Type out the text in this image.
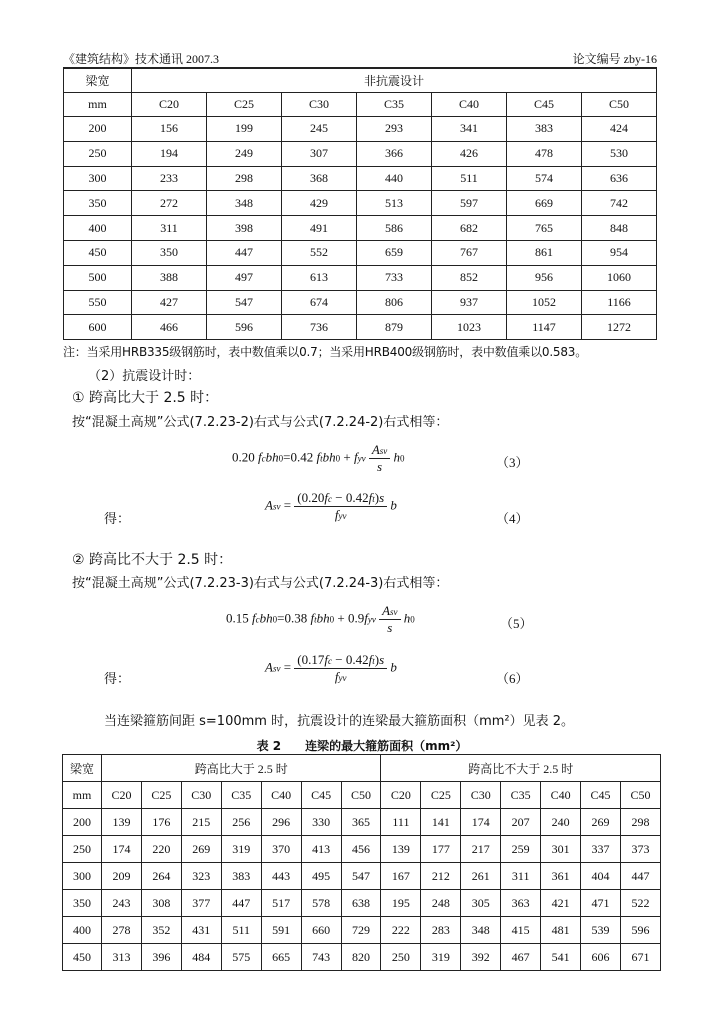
《建筑结构》技术通讯 2007.3	论文编号 zby-16
梁宽	非抗震设计						
mm	C20	C25	C30	C35	C40	C45	C50
200	156	199	245	293	341	383	424
250	194	249	307	366	426	478	530
300	233	298	368	440	511	574	636
350	272	348	429	513	597	669	742
400	311	398	491	586	682	765	848
450	350	447	552	659	767	861	954
500	388	497	613	733	852	956	1060
550	427	547	674	806	937	1052	1166
600	466	596	736	879	1023	1147	1272
注：当采用HRB335级钢筋时，表中数值乘以0.7；当采用HRB400级钢筋时，表中数值乘以0.583。
（2）抗震设计时：
① 跨高比大于 2.5 时：
按“混凝土高规”公式(7.2.23-2)右式与公式(7.2.24-2)右式相等：
0.20 fcbh0=0.42 ftbh0 + fyv $\frac{\text{Asv}}{s} h0$	（3）
得：
Asv = $\frac{(0.20fc - 0.42ft)s}{\text{fyv}}$ b
（4）
② 跨高比不大于 2.5 时：
按“混凝土高规”公式(7.2.23-3)右式与公式(7.2.24-3)右式相等：
0.15 fcbh0=0.38 ftbh0 + $0.9fyv \frac{\text{Asv}}{s} h0$	（5）
得：
Asv = $\frac{(0.17fc - 0.42ft)s}{\text{fyv}}$ b
（6）
当连梁箍筋间距 s=100mm 时，抗震设计的连梁最大箍筋面积（mm²）见表 2。
表 2　　连梁的最大箍筋面积（mm²）
梁宽	跨高比大于 2.5 时							跨高比不大于 2.5 时						
mm	C20	C25	C30	C35	C40	C45	C50	C20	C25	C30	C35	C40	C45	C50
200	139	176	215	256	296	330	365	111	141	174	207	240	269	298
250	174	220	269	319	370	413	456	139	177	217	259	301	337	373
300	209	264	323	383	443	495	547	167	212	261	311	361	404	447
350	243	308	377	447	517	578	638	195	248	305	363	421	471	522
400	278	352	431	511	591	660	729	222	283	348	415	481	539	596
450	313	396	484	575	665	743	820	250	319	392	467	541	606	671
